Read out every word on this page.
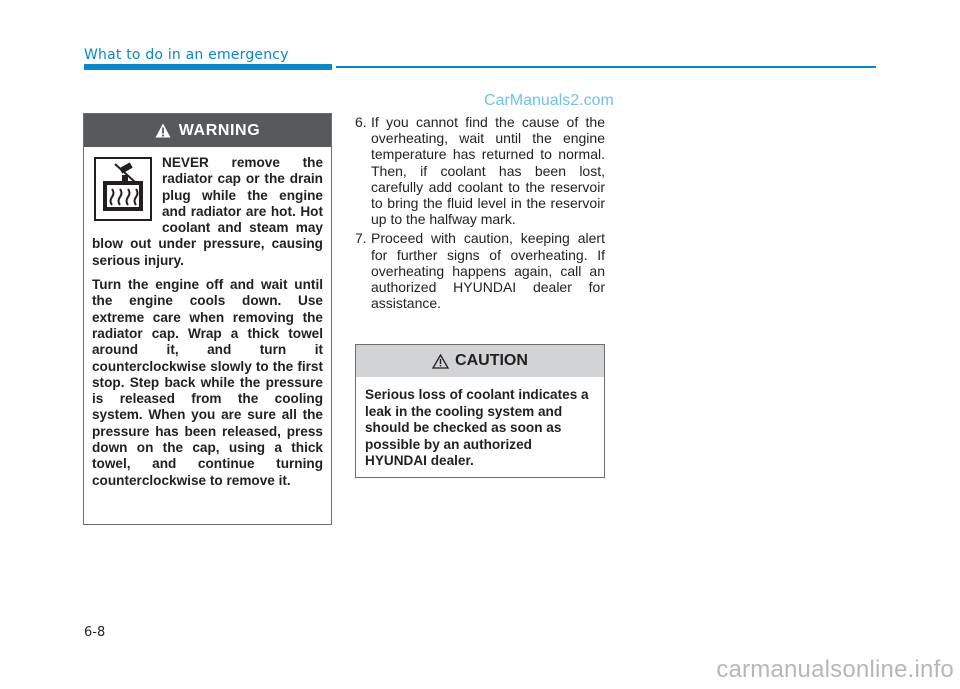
What to do in an emergency
CarManuals2.com
WARNING

NEVER remove the radiator cap or the drain plug while the engine and radiator are hot. Hot coolant and steam may blow out under pressure, causing serious injury.

Turn the engine off and wait until the engine cools down. Use extreme care when removing the radiator cap. Wrap a thick towel around it, and turn it counterclockwise slowly to the first stop. Step back while the pressure is released from the cooling system. When you are sure all the pressure has been released, press down on the cap, using a thick towel, and continue turning counterclockwise to remove it.

6. If you cannot find the cause of the overheating, wait until the engine temperature has returned to normal. Then, if coolant has been lost, carefully add coolant to the reservoir to bring the fluid level in the reservoir up to the halfway mark.
7. Proceed with caution, keeping alert for further signs of overheating. If overheating happens again, call an authorized HYUNDAI dealer for assistance.
CAUTION
Serious loss of coolant indicates a leak in the cooling system and should be checked as soon as possible by an authorized HYUNDAI dealer.
6-8
carmanualsonline.info
